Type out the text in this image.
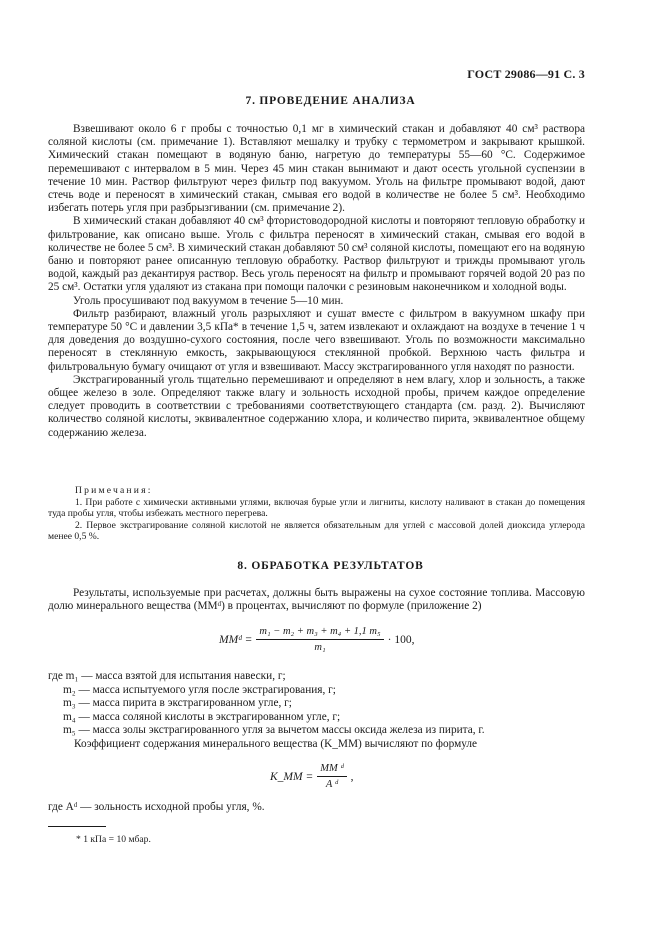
ГОСТ 29086—91 С. 3
7. ПРОВЕДЕНИЕ АНАЛИЗА

Взвешивают около 6 г пробы с точностью 0,1 мг в химический стакан и добавляют 40 см³ раствора соляной кислоты (см. примечание 1). Вставляют мешалку и трубку с термометром и закрывают крышкой. Химический стакан помещают в водяную баню, нагретую до температуры 55—60 °C. Содержимое перемешивают с интервалом в 5 мин. Через 45 мин стакан вынимают и дают осесть угольной суспензии в течение 10 мин. Раствор фильтруют через фильтр под вакуумом. Уголь на фильтре промывают водой, дают стечь воде и переносят в химический стакан, смывая его водой в количестве не более 5 см³. Необходимо избегать потерь угля при разбрызгивании (см. примечание 2).

В химический стакан добавляют 40 см³ фтористоводородной кислоты и повторяют тепловую обработку и фильтрование, как описано выше. Уголь с фильтра переносят в химический стакан, смывая его водой в количестве не более 5 см³. В химический стакан добавляют 50 см³ соляной кислоты, помещают его на водяную баню и повторяют ранее описанную тепловую обработку. Раствор фильтруют и трижды промывают уголь водой, каждый раз декантируя раствор. Весь уголь переносят на фильтр и промывают горячей водой 20 раз по 25 см³. Остатки угля удаляют из стакана при помощи палочки с резиновым наконечником и холодной воды.

Уголь просушивают под вакуумом в течение 5—10 мин.

Фильтр разбирают, влажный уголь разрыхляют и сушат вместе с фильтром в вакуумном шкафу при температуре 50 °C и давлении 3,5 кПа* в течение 1,5 ч, затем извлекают и охлаждают на воздухе в течение 1 ч для доведения до воздушно-сухого состояния, после чего взвешивают. Уголь по возможности максимально переносят в стеклянную емкость, закрывающуюся стеклянной пробкой. Верхнюю часть фильтра и фильтровальную бумагу очищают от угля и взвешивают. Массу экстрагированного угля находят по разности.

Экстрагированный уголь тщательно перемешивают и определяют в нем влагу, хлор и зольность, а также общее железо в золе. Определяют также влагу и зольность исходной пробы, причем каждое определение следует проводить в соответствии с требованиями соответствующего стандарта (см. разд. 2). Вычисляют количество соляной кислоты, эквивалентное содержанию хлора, и количество пирита, эквивалентное общему содержанию железа.

Примечания:

1. При работе с химически активными углями, включая бурые угли и лигниты, кислоту наливают в стакан до помещения туда пробы угля, чтобы избежать местного перегрева.

2. Первое экстрагирование соляной кислотой не является обязательным для углей с массовой долей диоксида углерода менее 0,5 %.

8. ОБРАБОТКА РЕЗУЛЬТАТОВ

Результаты, используемые при расчетах, должны быть выражены на сухое состояние топлива. Массовую долю минерального вещества (MMᵈ) в процентах, вычисляют по формуле (приложение 2)

MMᵈ = $\frac{\text{m₁ − m₂ + m₃ + m₄ + 1,1 m₅}}{\text{m₁}} \cdot 100$,
где m₁ — масса взятой для испытания навески, г;
m₂ — масса испытуемого угля после экстрагирования, г;
m₃ — масса пирита в экстрагированном угле, г;
m₄ — масса соляной кислоты в экстрагированном угле, г;
m₅ — масса золы экстрагированного угля за вычетом массы оксида железа из пирита, г.
Коэффициент содержания минерального вещества (K_MM) вычисляют по формуле
K_MM = $\frac{\text{MM ᵈ}}{\text{A ᵈ}}$ ,
где Aᵈ — зольность исходной пробы угля, %.
* 1 кПа = 10 мбар.
